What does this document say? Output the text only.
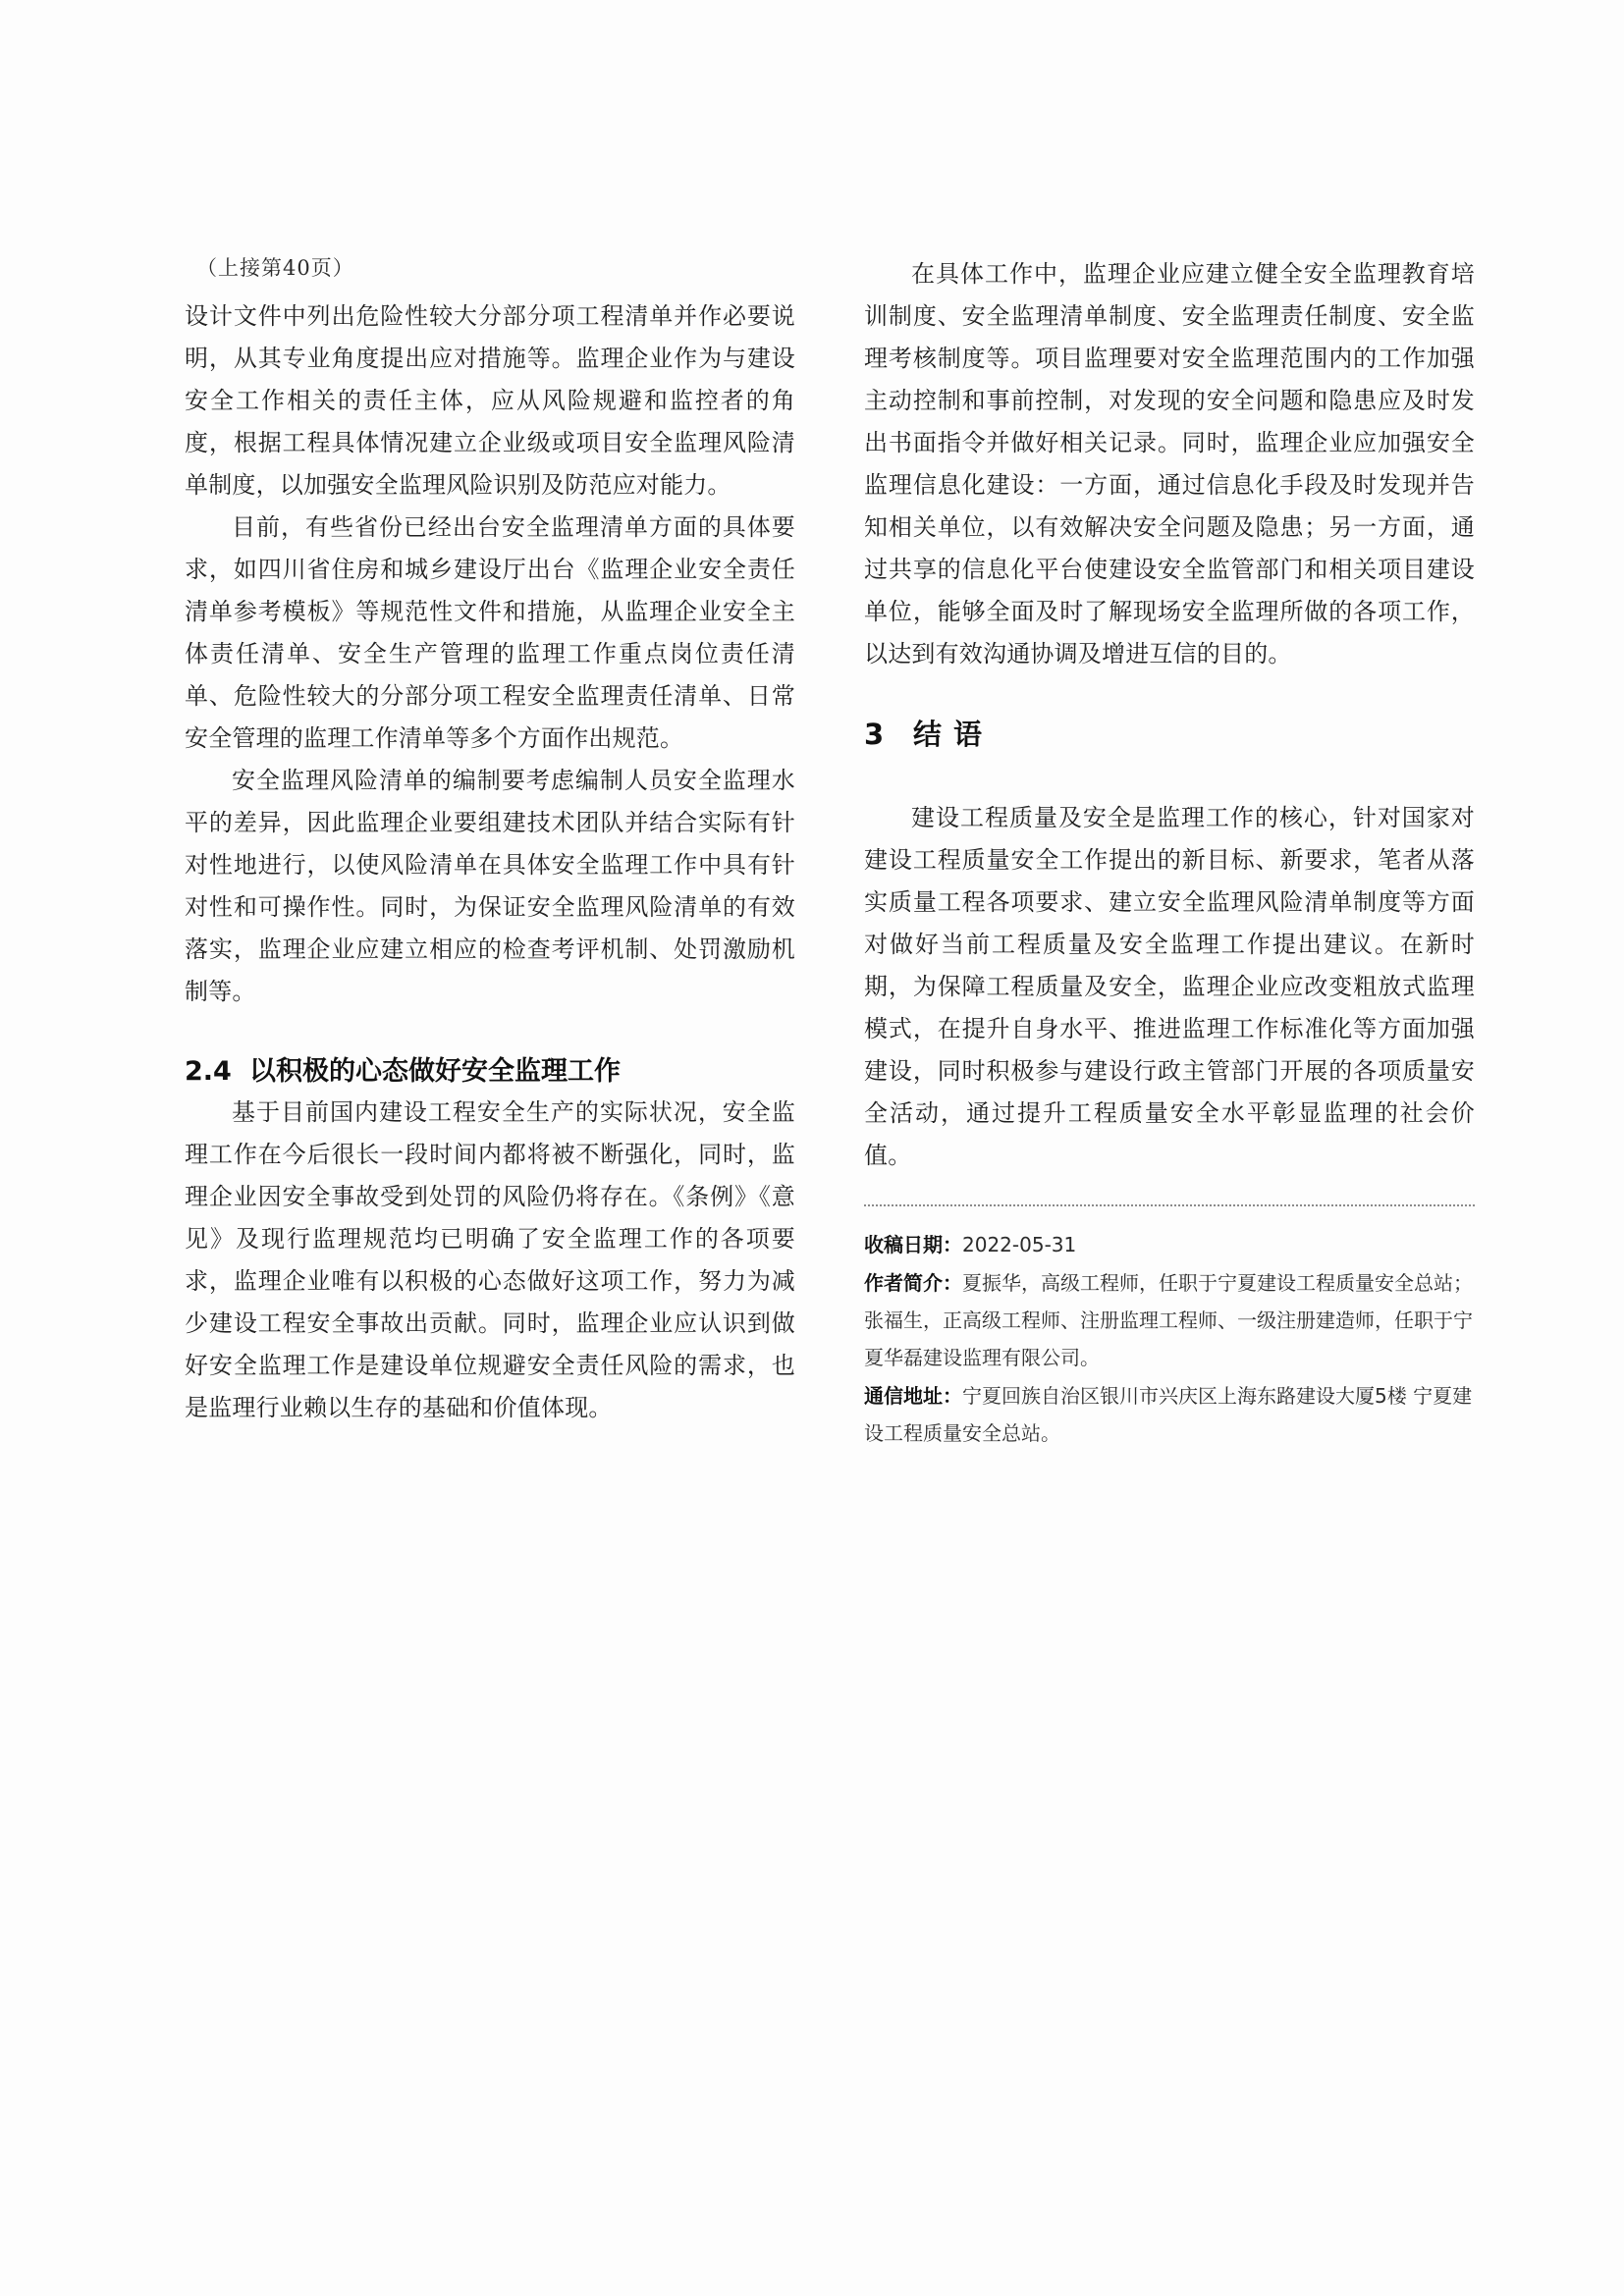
（上接第40页）

设计文件中列出危险性较大分部分项工程清单并作必要说明，从其专业角度提出应对措施等。监理企业作为与建设安全工作相关的责任主体，应从风险规避和监控者的角度，根据工程具体情况建立企业级或项目安全监理风险清单制度，以加强安全监理风险识别及防范应对能力。

目前，有些省份已经出台安全监理清单方面的具体要求，如四川省住房和城乡建设厅出台《监理企业安全责任清单参考模板》等规范性文件和措施，从监理企业安全主体责任清单、安全生产管理的监理工作重点岗位责任清单、危险性较大的分部分项工程安全监理责任清单、日常安全管理的监理工作清单等多个方面作出规范。

安全监理风险清单的编制要考虑编制人员安全监理水平的差异，因此监理企业要组建技术团队并结合实际有针对性地进行，以使风险清单在具体安全监理工作中具有针对性和可操作性。同时，为保证安全监理风险清单的有效落实，监理企业应建立相应的检查考评机制、处罚激励机制等。

2.4 以积极的心态做好安全监理工作

基于目前国内建设工程安全生产的实际状况，安全监理工作在今后很长一段时间内都将被不断强化，同时，监理企业因安全事故受到处罚的风险仍将存在。《条例》《意见》及现行监理规范均已明确了安全监理工作的各项要求，监理企业唯有以积极的心态做好这项工作，努力为减少建设工程安全事故出贡献。同时，监理企业应认识到做好安全监理工作是建设单位规避安全责任风险的需求，也是监理行业赖以生存的基础和价值体现。

在具体工作中，监理企业应建立健全安全监理教育培训制度、安全监理清单制度、安全监理责任制度、安全监理考核制度等。项目监理要对安全监理范围内的工作加强主动控制和事前控制，对发现的安全问题和隐患应及时发出书面指令并做好相关记录。同时，监理企业应加强安全监理信息化建设：一方面，通过信息化手段及时发现并告知相关单位，以有效解决安全问题及隐患；另一方面，通过共享的信息化平台使建设安全监管部门和相关项目建设单位，能够全面及时了解现场安全监理所做的各项工作，以达到有效沟通协调及增进互信的目的。

3 结语

建设工程质量及安全是监理工作的核心，针对国家对建设工程质量安全工作提出的新目标、新要求，笔者从落实质量工程各项要求、建立安全监理风险清单制度等方面对做好当前工程质量及安全监理工作提出建议。在新时期，为保障工程质量及安全，监理企业应改变粗放式监理模式，在提升自身水平、推进监理工作标准化等方面加强建设，同时积极参与建设行政主管部门开展的各项质量安全活动，通过提升工程质量安全水平彰显监理的社会价值。

收稿日期：2022-05-31

作者简介：夏振华，高级工程师，任职于宁夏建设工程质量安全总站；张福生，正高级工程师、注册监理工程师、一级注册建造师，任职于宁夏华磊建设监理有限公司。

通信地址：宁夏回族自治区银川市兴庆区上海东路建设大厦5楼 宁夏建设工程质量安全总站。
